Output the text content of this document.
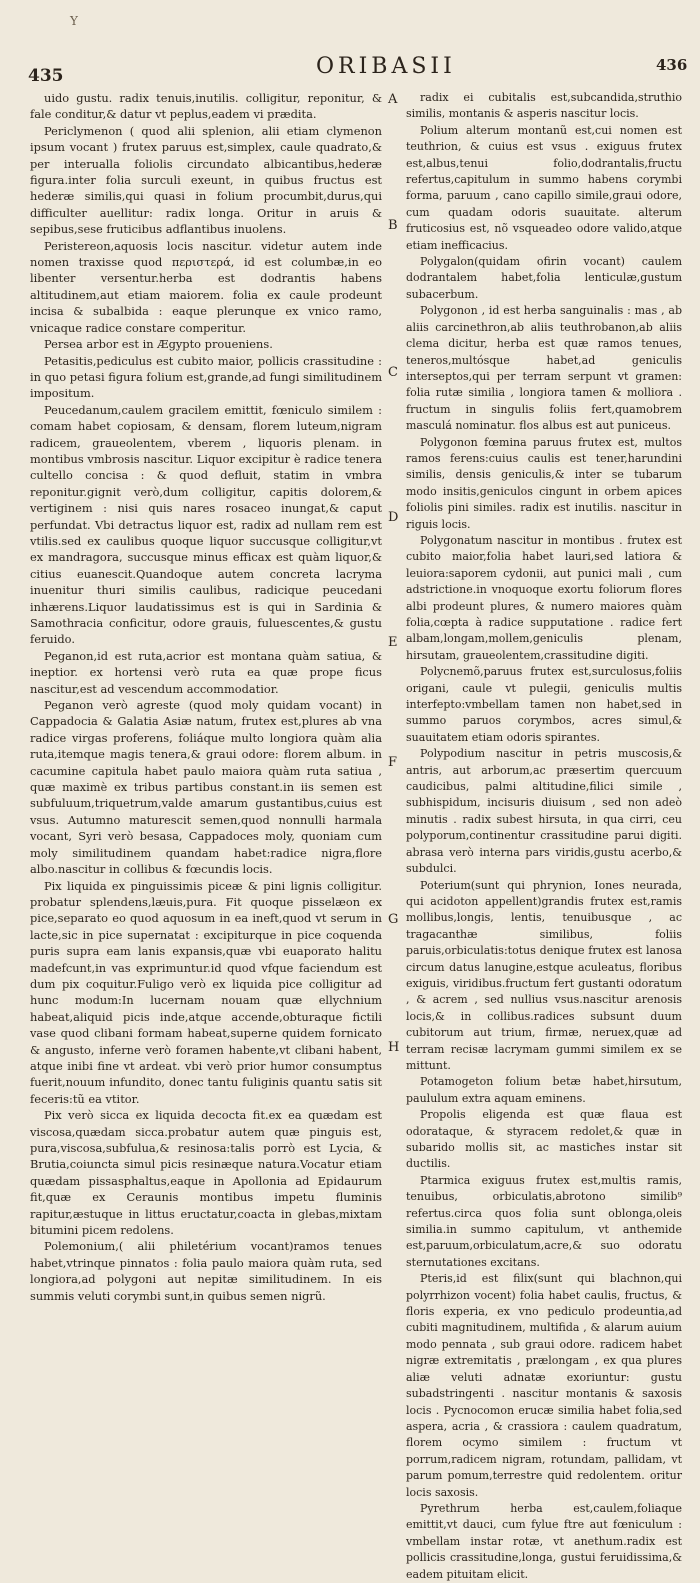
Y
435	ORIBASII	436

uido gustu. radix tenuis,inutilis. colligitur, reponitur, & fale conditur,& datur vt peplus,eadem vi prædita.

Periclymenon ( quod alii splenion, alii etiam clymenon ipsum vocant ) frutex paruus est,simplex, caule quadrato,& per interualla foliolis circundato albicantibus,hederæ figura.inter folia surculi exeunt, in quibus fructus est hederæ similis,qui quasi in folium procumbit,durus,qui difficulter auellitur: radix longa. Oritur in aruis & sepibus,sese fruticibus adflantibus inuolens.

Peristereon,aquosis locis nascitur. videtur autem inde nomen traxisse quod περιστερά, id est columbæ,in eo libenter versentur.herba est dodrantis habens altitudinem,aut etiam maiorem. folia ex caule prodeunt incisa & subalbida : eaque plerunque ex vnico ramo, vnicaque radice constare comperitur.

Persea arbor est in Ægypto proueniens.

Petasitis,pediculus est cubito maior, pollicis crassitudine : in quo petasi figura folium est,grande,ad fungi similitudinem impositum.

Peucedanum,caulem gracilem emittit, fœniculo similem : comam habet copiosam, & densam, florem luteum,nigram radicem, graueolentem, vberem , liquoris plenam. in montibus vmbrosis nascitur. Liquor excipitur è radice tenera cultello concisa : & quod defluit, statim in vmbra reponitur.gignit verò,dum colligitur, capitis dolorem,& vertiginem : nisi quis nares rosaceo inungat,& caput perfundat. Vbi detractus liquor est, radix ad nullam rem est vtilis.sed ex caulibus quoque liquor succusque colligitur,vt ex mandragora, succusque minus efficax est quàm liquor,& citius euanescit.Quandoque autem concreta lacryma inuenitur thuri similis caulibus, radicique peucedani inhærens.Liquor laudatissimus est is qui in Sardinia & Samothracia conficitur, odore grauis, fuluescentes,& gustu feruido.

Peganon,id est ruta,acrior est montana quàm satiua, & ineptior. ex hortensi verò ruta ea quæ prope ficus nascitur,est ad vescendum accommodatior.

Peganon verò agreste (quod moly quidam vocant) in Cappadocia & Galatia Asiæ natum, frutex est,plures ab vna radice virgas proferens, foliáque multo longiora quàm alia ruta,itemque magis tenera,& graui odore: florem album. in cacumine capitula habet paulo maiora quàm ruta satiua , quæ maximè ex tribus partibus constant.in iis semen est subfuluum,triquetrum,valde amarum gustantibus,cuius est vsus. Autumno maturescit semen,quod nonnulli harmala vocant, Syri verò besasa, Cappadoces moly, quoniam cum moly similitudinem quandam habet:radice nigra,flore albo.nascitur in collibus & fœcundis locis.

Pix liquida ex pinguissimis piceæ & pini lignis colligitur. probatur splendens,læuis,pura. Fit quoque pisselæon ex pice,separato eo quod aquosum in ea ineft,quod vt serum in lacte,sic in pice supernatat : excipiturque in pice coquenda puris supra eam lanis expansis,quæ vbi euaporato halitu madefcunt,in vas exprimuntur.id quod vfque faciendum est dum pix coquitur.Fuligo verò ex liquida pice colligitur ad hunc modum:In lucernam nouam quæ ellychnium habeat,aliquid picis inde,atque accende,obturaque fictili vase quod clibani formam habeat,superne quidem fornicato & angusto, inferne verò foramen habente,vt clibani habent, atque inibi fine vt ardeat. vbi verò prior humor consumptus fuerit,nouum infundito, donec tantu fuliginis quantu satis sit feceris:tũ ea vtitor.

Pix verò sicca ex liquida decocta fit.ex ea quædam est viscosa,quædam sicca.probatur autem quæ pinguis est, pura,viscosa,subfulua,& resinosa:talis porrò est Lycia, & Brutia,coiuncta simul picis resinæque natura.Vocatur etiam quædam pissasphaltus,eaque in Apollonia ad Epidaurum fit,quæ ex Ceraunis montibus impetu fluminis rapitur,æstuque in littus eructatur,coacta in glebas,mixtam bitumini picem redolens.

Polemonium,( alii philetérium vocant)ramos tenues habet,vtrinque pinnatos : folia paulo maiora quàm ruta, sed longiora,ad polygoni aut nepitæ similitudinem. In eis summis veluti corymbi sunt,in quibus semen nigrũ.

radix ei cubitalis est,subcandida,struthio similis, montanis & asperis nascitur locis.

Polium alterum montanũ est,cui nomen est teuthrion, & cuius est vsus . exiguus frutex est,albus,tenui folio,dodrantalis,fructu refertus,capitulum in summo habens corymbi forma, paruum , cano capillo simile,graui odore, cum quadam odoris suauitate. alterum fruticosius est, nõ vsqueadeo odore valido,atque etiam inefficacius.

Polygalon(quidam ofirin vocant) caulem dodrantalem habet,folia lenticulæ,gustum subacerbum.

Polygonon , id est herba sanguinalis : mas , ab aliis carcinethron,ab aliis teuthrobanon,ab aliis clema dicitur, herba est quæ ramos tenues, teneros,multósque habet,ad geniculis interseptos,qui per terram serpunt vt gramen: folia rutæ similia , longiora tamen & molliora . fructum in singulis foliis fert,quamobrem masculá nominatur. flos albus est aut puniceus.

Polygonon fœmina paruus frutex est, multos ramos ferens:cuius caulis est tener,harundini similis, densis geniculis,& inter se tubarum modo insitis,geniculos cingunt in orbem apices foliolis pini similes. radix est inutilis. nascitur in riguis locis.

Polygonatum nascitur in montibus . frutex est cubito maior,folia habet lauri,sed latiora & leuiora:saporem cydonii, aut punici mali , cum adstrictione.in vnoquoque exortu foliorum flores albi prodeunt plures, & numero maiores quàm folia,cœpta à radice supputatione . radice fert albam,longam,mollem,geniculis plenam, hirsutam, graueolentem,crassitudine digiti.

Polycnemõ,paruus frutex est,surculosus,foliis origani, caule vt pulegii, geniculis multis interfepto:vmbellam tamen non habet,sed in summo paruos corymbos, acres simul,& suauitatem etiam odoris spirantes.

Polypodium nascitur in petris muscosis,& antris, aut arborum,ac præsertim quercuum caudicibus, palmi altitudine,filici simile , subhispidum, incisuris diuisum , sed non adeò minutis . radix subest hirsuta, in qua cirri, ceu polyporum,continentur crassitudine parui digiti. abrasa verò interna pars viridis,gustu acerbo,& subdulci.

Poterium(sunt qui phrynion, Iones neurada, qui acidoton appellent)grandis frutex est,ramis mollibus,longis, lentis, tenuibusque , ac tragacanthæ similibus, foliis paruis,orbiculatis:totus denique frutex est lanosa circum datus lanugine,estque aculeatus, floribus exiguis, viridibus.fructum fert gustanti odoratum , & acrem , sed nullius vsus.nascitur arenosis locis,& in collibus.radices subsunt duum cubitorum aut trium, firmæ, neruex,quæ ad terram recisæ lacrymam gummi similem ex se mittunt.

Potamogeton folium betæ habet,hirsutum, paululum extra aquam eminens.

Propolis eligenda est quæ flaua est odorataque, & styracem redolet,& quæ in subarido mollis sit, ac masticħes instar sit ductilis.

Ptarmica exiguus frutex est,multis ramis, tenuibus, orbiculatis,abrotono similib⁹ refertus.circa quos folia sunt oblonga,oleis similia.in summo capitulum, vt anthemide est,paruum,orbiculatum,acre,& suo odoratu sternutationes excitans.

Pteris,id est filix(sunt qui blachnon,qui polyrrhizon vocent) folia habet caulis, fructus, & floris experia, ex vno pediculo prodeuntia,ad cubiti magnitudinem, multifida , & alarum auium modo pennata , sub graui odore. radicem habet nigræ extremitatis , prælongam , ex qua plures aliæ veluti adnatæ exoriuntur: gustu subadstringenti . nascitur montanis & saxosis locis . Pycnocomon erucæ similia habet folia,sed aspera, acria , & crassiora : caulem quadratum, florem ocymo similem : fructum vt porrum,radicem nigram, rotundam, pallidam, vt parum pomum,terrestre quid redolentem. oritur locis saxosis.

Pyrethrum herba est,caulem,foliaque emittit,vt dauci, cum fylue ftre aut fœniculum : vmbellam instar rotæ, vt anethum.radix est pollicis crassitudine,longa, gustui feruidissima,& eadem pituitam elicit.

A
B
C
D
E
F
G
H
